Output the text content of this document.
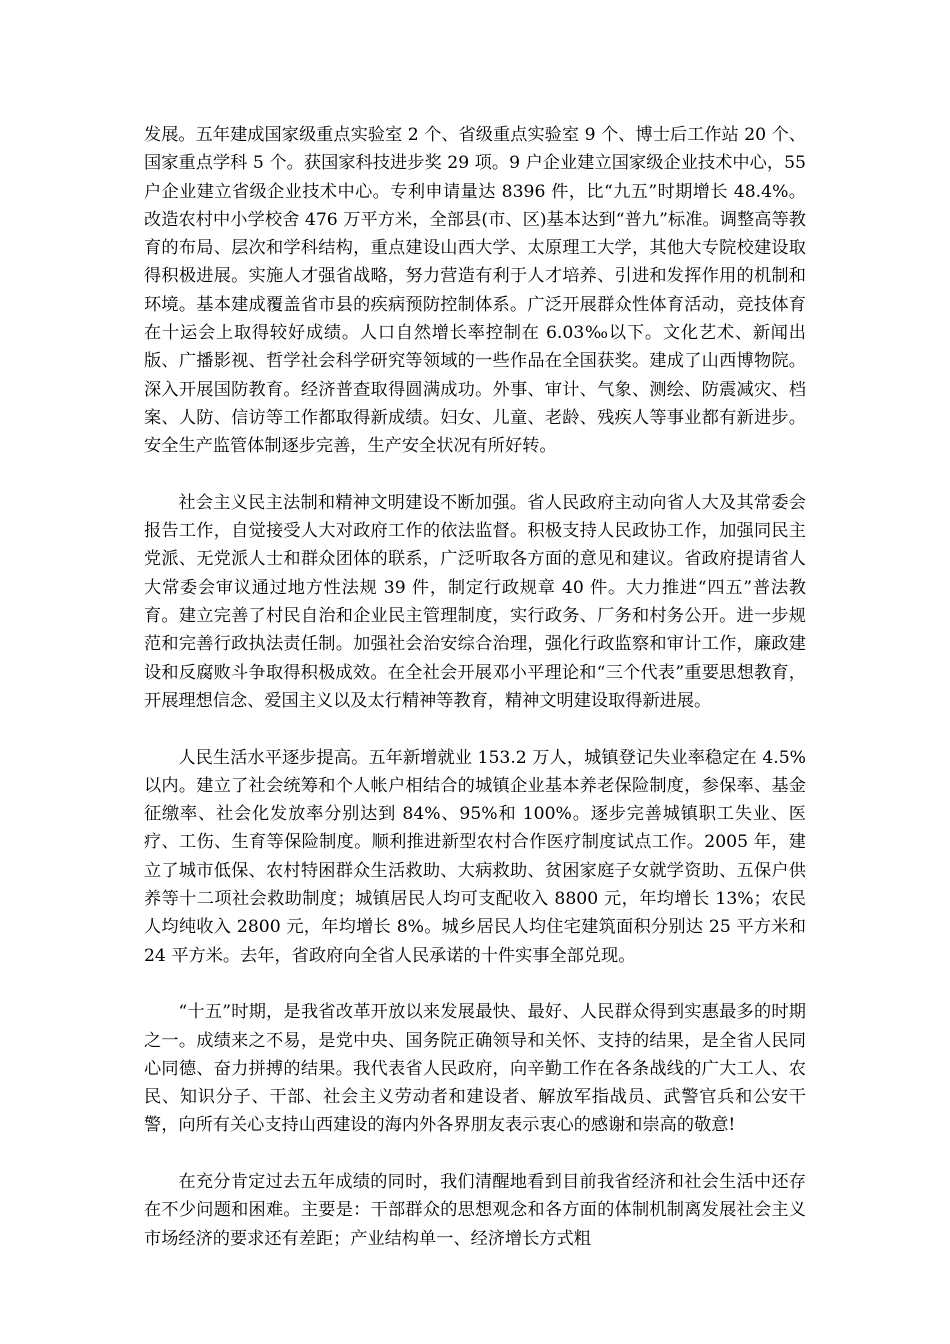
发展。五年建成国家级重点实验室 2 个、省级重点实验室 9 个、博士后工作站 20 个、国家重点学科 5 个。获国家科技进步奖 29 项。9 户企业建立国家级企业技术中心，55 户企业建立省级企业技术中心。专利申请量达 8396 件，比“九五”时期增长 48.4%。改造农村中小学校舍 476 万平方米，全部县(市、区)基本达到“普九”标准。调整高等教育的布局、层次和学科结构，重点建设山西大学、太原理工大学，其他大专院校建设取得积极进展。实施人才强省战略，努力营造有利于人才培养、引进和发挥作用的机制和环境。基本建成覆盖省市县的疾病预防控制体系。广泛开展群众性体育活动，竞技体育在十运会上取得较好成绩。人口自然增长率控制在 6.03‰以下。文化艺术、新闻出版、广播影视、哲学社会科学研究等领域的一些作品在全国获奖。建成了山西博物院。深入开展国防教育。经济普查取得圆满成功。外事、审计、气象、测绘、防震减灾、档案、人防、信访等工作都取得新成绩。妇女、儿童、老龄、残疾人等事业都有新进步。安全生产监管体制逐步完善，生产安全状况有所好转。

社会主义民主法制和精神文明建设不断加强。省人民政府主动向省人大及其常委会报告工作，自觉接受人大对政府工作的依法监督。积极支持人民政协工作，加强同民主党派、无党派人士和群众团体的联系，广泛听取各方面的意见和建议。省政府提请省人大常委会审议通过地方性法规 39 件，制定行政规章 40 件。大力推进“四五”普法教育。建立完善了村民自治和企业民主管理制度，实行政务、厂务和村务公开。进一步规范和完善行政执法责任制。加强社会治安综合治理，强化行政监察和审计工作，廉政建设和反腐败斗争取得积极成效。在全社会开展邓小平理论和“三个代表”重要思想教育，开展理想信念、爱国主义以及太行精神等教育，精神文明建设取得新进展。

人民生活水平逐步提高。五年新增就业 153.2 万人，城镇登记失业率稳定在 4.5%以内。建立了社会统筹和个人帐户相结合的城镇企业基本养老保险制度，参保率、基金征缴率、社会化发放率分别达到 84%、95%和 100%。逐步完善城镇职工失业、医疗、工伤、生育等保险制度。顺利推进新型农村合作医疗制度试点工作。2005 年，建立了城市低保、农村特困群众生活救助、大病救助、贫困家庭子女就学资助、五保户供养等十二项社会救助制度；城镇居民人均可支配收入 8800 元，年均增长 13%；农民人均纯收入 2800 元，年均增长 8%。城乡居民人均住宅建筑面积分别达 25 平方米和 24 平方米。去年，省政府向全省人民承诺的十件实事全部兑现。

“十五”时期，是我省改革开放以来发展最快、最好、人民群众得到实惠最多的时期之一。成绩来之不易，是党中央、国务院正确领导和关怀、支持的结果，是全省人民同心同德、奋力拼搏的结果。我代表省人民政府，向辛勤工作在各条战线的广大工人、农民、知识分子、干部、社会主义劳动者和建设者、解放军指战员、武警官兵和公安干警，向所有关心支持山西建设的海内外各界朋友表示衷心的感谢和崇高的敬意!

在充分肯定过去五年成绩的同时，我们清醒地看到目前我省经济和社会生活中还存在不少问题和困难。主要是：干部群众的思想观念和各方面的体制机制离发展社会主义市场经济的要求还有差距；产业结构单一、经济增长方式粗
